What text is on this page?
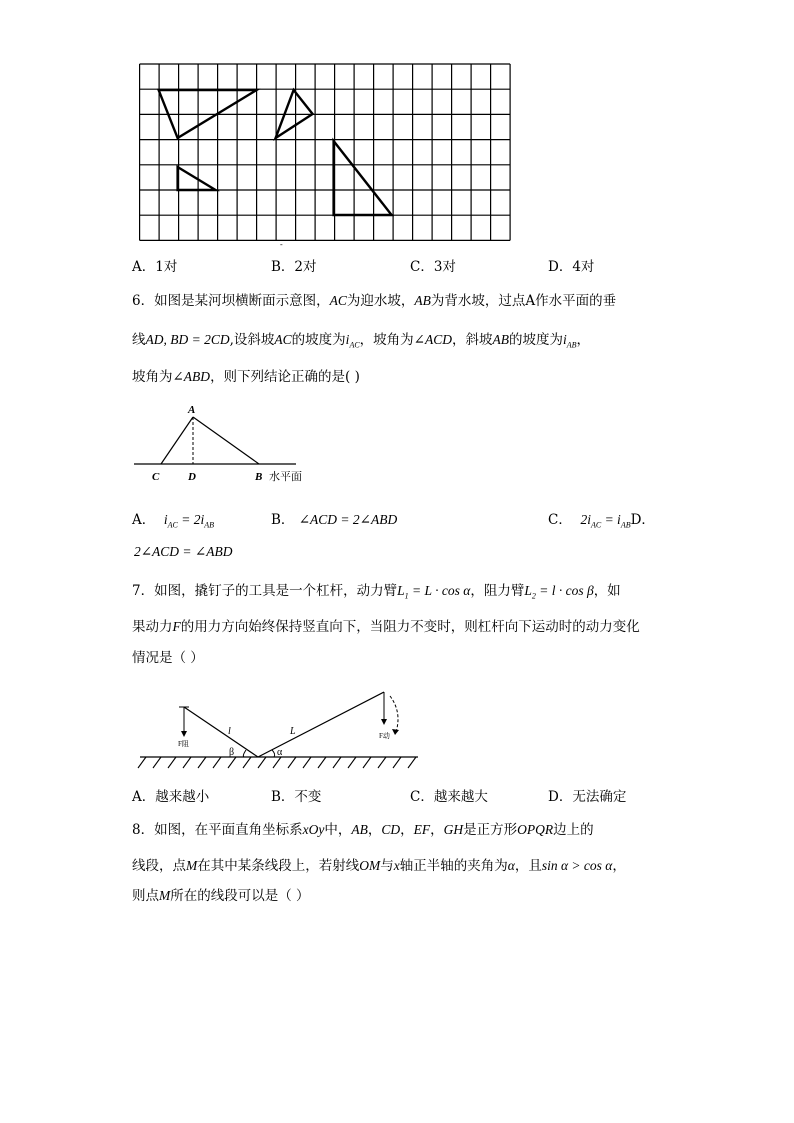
-
A．1对	B．2对	C．3对	D．4对
6．如图是某河坝横断面示意图，AC为迎水坡，AB为背水坡，过点A作水平面的垂
线AD, BD = 2CD,设斜坡AC的坡度为$i_{AC}$，坡角为∠ACD，斜坡AB的坡度为$i_{AB}$，
坡角为∠ABD，则下列结论正确的是( )
A
C	D	B 水平面
A． $i_{AC} = 2i_{AB}$	B． ∠ACD = 2∠ABD	C． $2i_{AC} = i_{AB}D$．
2∠ACD = ∠ABD
7．如图，撬钉子的工具是一个杠杆，动力臂$L_1 = L \cdot \cos \alpha$，阻力臂$L_2 = l \cdot \cos \beta$，如
果动力F的用力方向始终保持竖直向下，当阻力不变时，则杠杆向下运动时的动力变化
情况是（ ）
l	L
β	α
F阻
F动
A．越来越小	B．不变	C．越来越大	D．无法确定
8．如图，在平面直角坐标系xOy中，AB，CD，EF，GH是正方形OPQR边上的
线段，点M在其中某条线段上，若射线OM与x轴正半轴的夹角为α，且sin α > cos α，
则点M所在的线段可以是（ ）
